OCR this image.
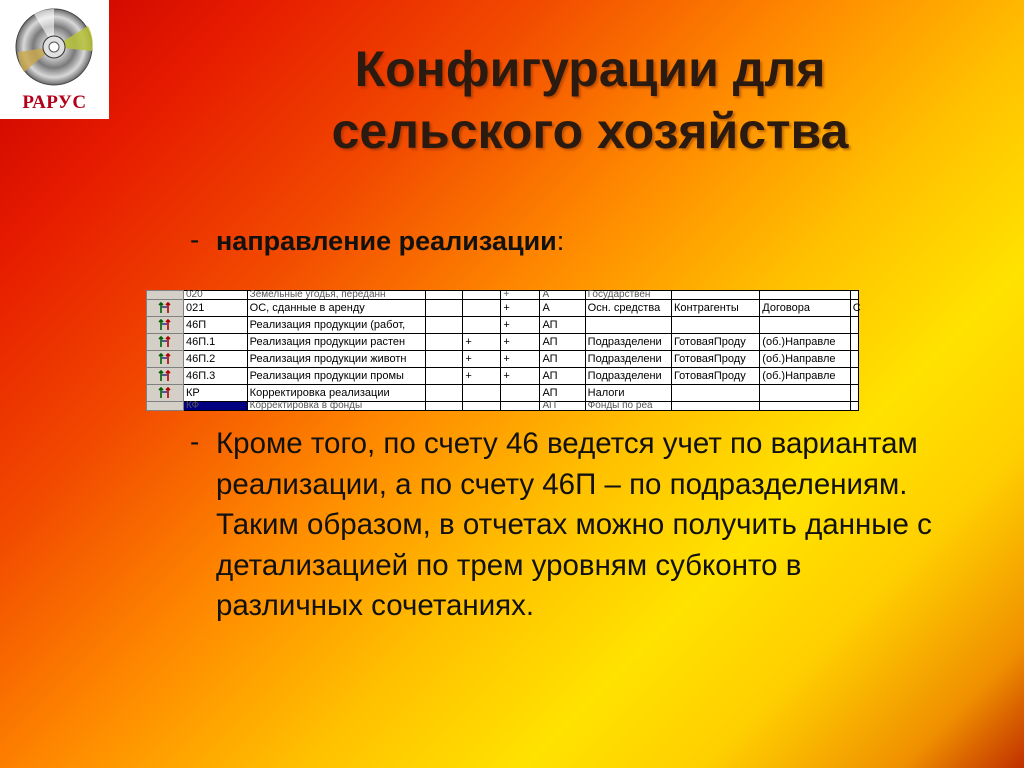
РАРУС
Конфигурации для
сельского хозяйства
- направление реализации:
	020	Земельные угодья, переданн			+	А	Государствен			
	021	ОС, сданные в аренду			+	А	Осн. средства	Контрагенты	Договора	С
	46П	Реализация продукции (работ,			+	АП				
	46П.1	Реализация продукции растен		+	+	АП	Подразделени	ГотоваяПроду	(об.)Направле	
	46П.2	Реализация продукции животн		+	+	АП	Подразделени	ГотоваяПроду	(об.)Направле	
	46П.3	Реализация продукции промы		+	+	АП	Подразделени	ГотоваяПроду	(об.)Направле	
	КР	Корректировка реализации				АП	Налоги			
	КФ	Корректировка в фонды				АП	Фонды по реа			
- Кроме того, по счету 46 ведется учет по вариантам реализации, а по счету 46П – по подразделениям. Таким образом, в отчетах можно получить данные с детализацией по трем уровням субконто в различных сочетаниях.
